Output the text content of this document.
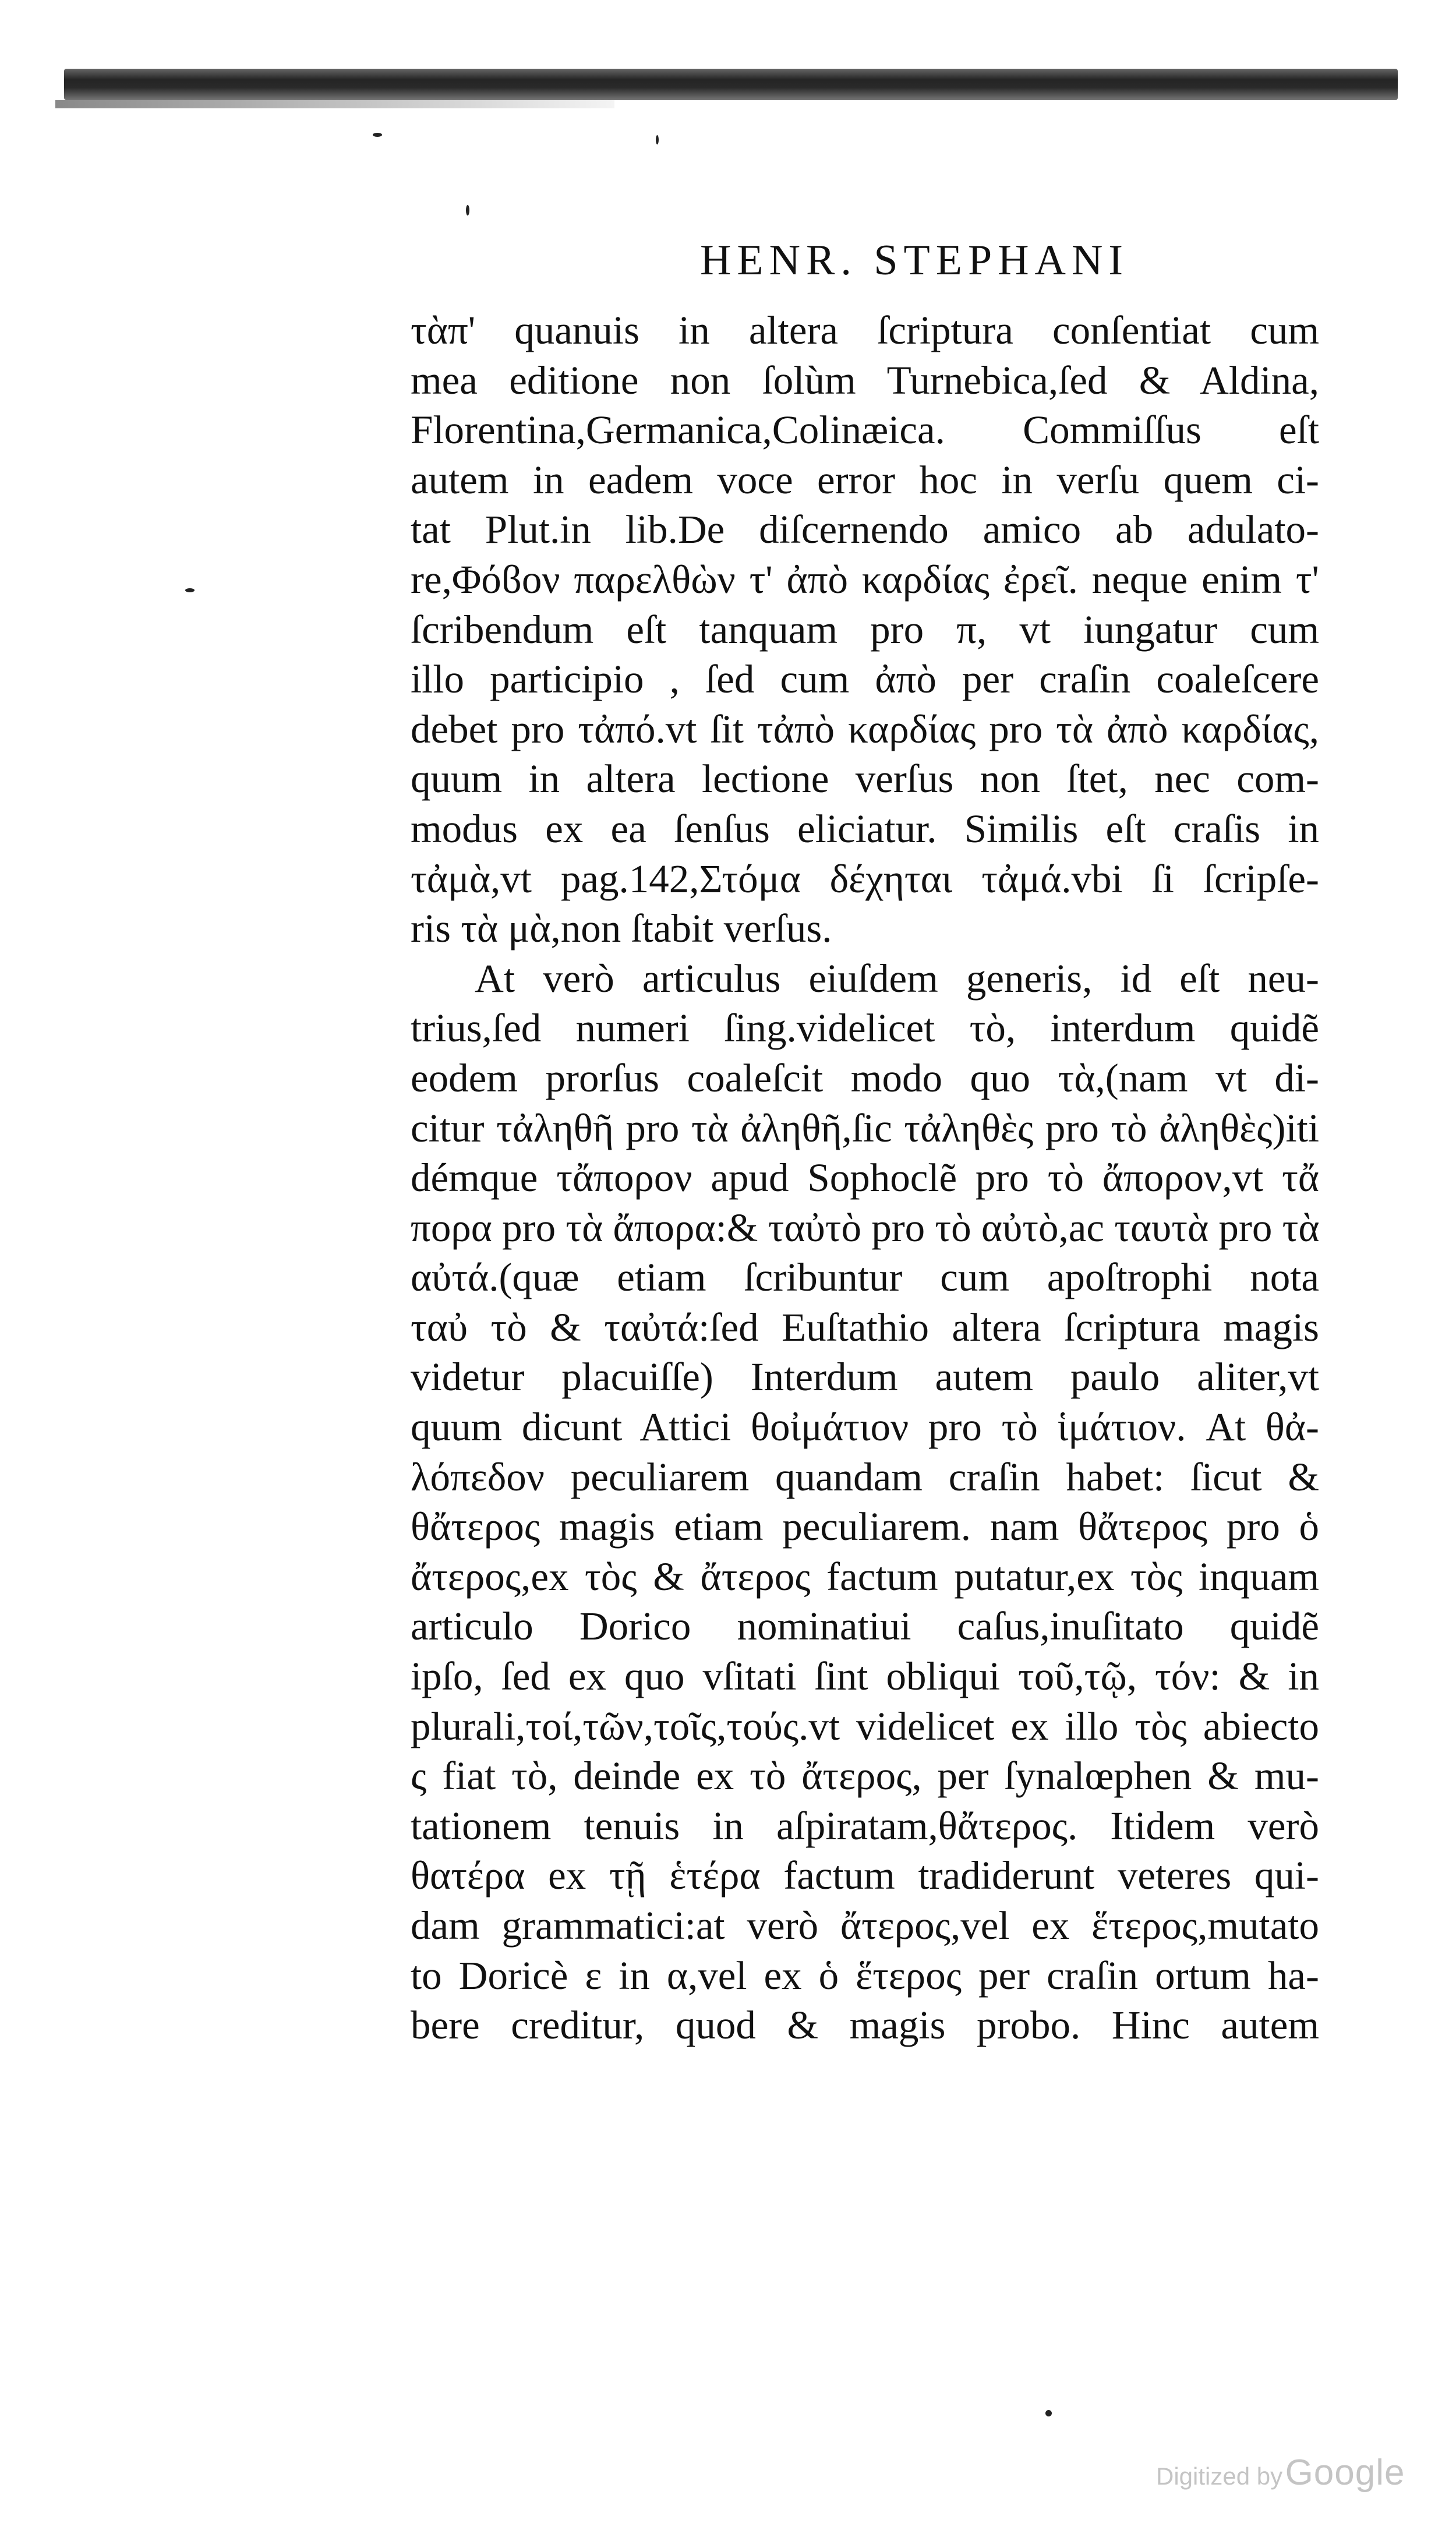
HENR. STEPHANI
τὰπ' quanuis in altera ſcriptura conſentiat cum
mea editione non ſolùm Turnebica,ſed & Aldina,
Florentina,Germanica,Colinæica. Commiſſus eſt
autem in eadem voce error hoc in verſu quem ci-
tat Plut.in lib.De diſcernendo amico ab adulato-
re,Φόϐον παρελθὼν τ' ἀπὸ καρδίας ἐρεῖ. neque enim τ'
ſcribendum eſt tanquam pro π, vt iungatur cum
illo participio , ſed cum ἀπὸ per craſin coaleſcere
debet pro τἀπό.vt ſit τἀπὸ καρδίας pro τὰ ἀπὸ καρδίας,
quum in altera lectione verſus non ſtet, nec com-
modus ex ea ſenſus eliciatur. Similis eſt craſis in
τἀμὰ,vt pag.142,Στόμα δέχηται τἀμά.vbi ſi ſcripſe-
ris τὰ μὰ,non ſtabit verſus.
At verò articulus eiuſdem generis, id eſt neu-
trius,ſed numeri ſing.videlicet τὸ, interdum quidẽ
eodem prorſus coaleſcit modo quo τὰ,(nam vt di-
citur τἀληθῆ pro τὰ ἀληθῆ,ſic τἀληθὲς pro τὸ ἀληθὲς)iti
démque τἄπορον apud Sophoclẽ pro τὸ ἄπορον,vt τἄ
πορα pro τὰ ἄπορα:& ταὐτὸ pro τὸ αὐτὸ,ac ταυτὰ pro τὰ
αὐτά.(quæ etiam ſcribuntur cum apoſtrophi nota
ταὐ τὸ & ταὐτά:ſed Euſtathio altera ſcriptura magis
videtur placuiſſe) Interdum autem paulo aliter,vt
quum dicunt Attici θοἰμάτιον pro τὸ ἱμάτιον. At θἀ-
λόπεδον peculiarem quandam craſin habet: ſicut &
θἄτερος magis etiam peculiarem. nam θἄτερος pro ὁ
ἄτερος,ex τὸς & ἄτερος factum putatur,ex τὸς inquam
articulo Dorico nominatiui caſus,inuſitato quidẽ
ipſo, ſed ex quo vſitati ſint obliqui τοῦ,τῷ, τόν: & in
plurali,τοί,τῶν,τοῖς,τούς.vt videlicet ex illo τὸς abiecto
ς fiat τὸ, deinde ex τὸ ἄτερος, per ſynalœphen & mu-
tationem tenuis in aſpiratam,θἄτερος. Itidem verò
θατέρα ex τῇ ἑτέρα factum tradiderunt veteres qui-
dam grammatici:at verò ἄτερος,vel ex ἕτερος,mutato
to Doricè ε in α,vel ex ὁ ἕτερος per craſin ortum ha-
bere creditur, quod & magis probo. Hinc autem
Digitized by Google
